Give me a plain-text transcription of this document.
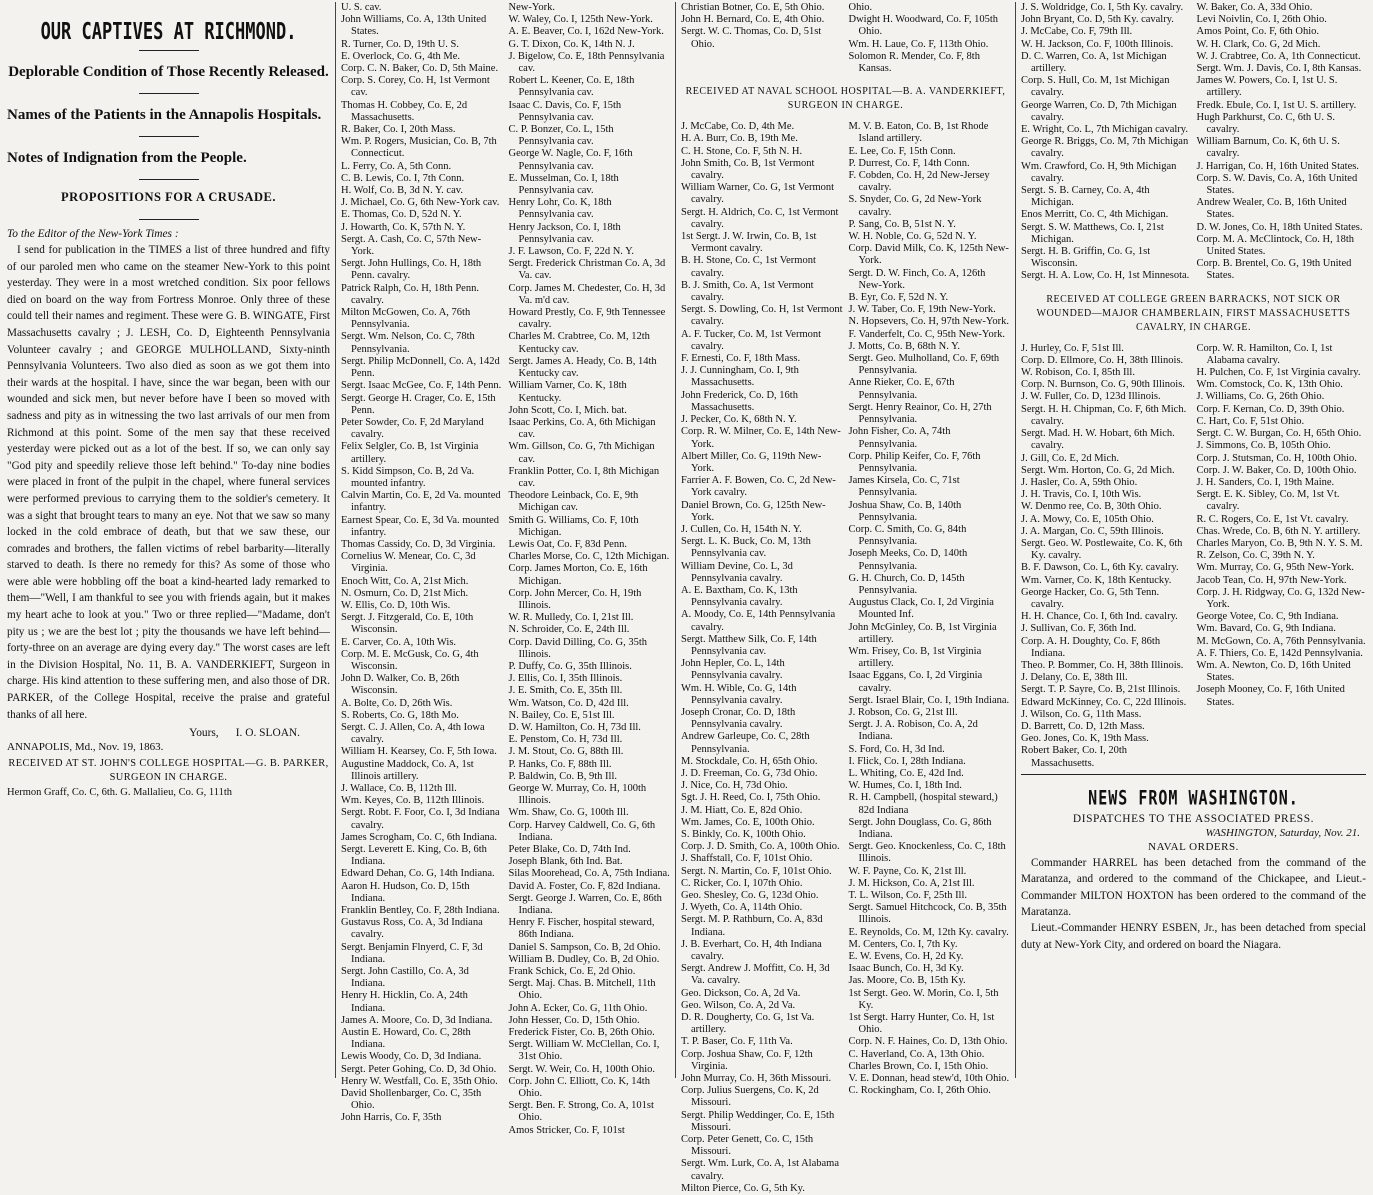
OUR CAPTIVES AT RICHMOND.
Deplorable Condition of Those Recently Released.
Names of the Patients in the Annapolis Hospitals.
Notes of Indignation from the People.
PROPOSITIONS FOR A CRUSADE.
To the Editor of the New-York Times :

I send for publication in the TIMES a list of three hundred and fifty of our paroled men who came on the steamer New-York to this point yesterday. They were in a most wretched condition. Six poor fellows died on board on the way from Fortress Monroe. Only three of these could tell their names and regiment. These were G. B. WINGATE, First Massachusetts cavalry ; J. LESH, Co. D, Eighteenth Pennsylvania Volunteer cavalry ; and GEORGE MULHOLLAND, Sixty-ninth Pennsylvania Volunteers. Two also died as soon as we got them into their wards at the hospital. I have, since the war began, been with our wounded and sick men, but never before have I been so moved with sadness and pity as in witnessing the two last arrivals of our men from Richmond at this point. Some of the men say that these received yesterday were picked out as a lot of the best. If so, we can only say "God pity and speedily relieve those left behind." To-day nine bodies were placed in front of the pulpit in the chapel, where funeral services were performed previous to carrying them to the soldier's cemetery. It was a sight that brought tears to many an eye. Not that we saw so many locked in the cold embrace of death, but that we saw these, our comrades and brothers, the fallen victims of rebel barbarity—literally starved to death. Is there no remedy for this? As some of those who were able were hobbling off the boat a kind-hearted lady remarked to them—"Well, I am thankful to see you with friends again, but it makes my heart ache to look at you." Two or three replied—"Madame, don't pity us ; we are the best lot ; pity the thousands we have left behind—forty-three on an average are dying every day." The worst cases are left in the Division Hospital, No. 11, B. A. VANDERKIEFT, Surgeon in charge. His kind attention to these suffering men, and also those of DR. PARKER, of the College Hospital, receive the praise and grateful thanks of all here.

Yours, I. O. SLOAN.
ANNAPOLIS, Md., Nov. 19, 1863.
RECEIVED AT ST. JOHN'S COLLEGE HOSPITAL—G. B. PARKER, SURGEON IN CHARGE.
Hermon Graff, Co. C, 6th. G. Mallalieu, Co. G, 111th
U. S. cav.
John Williams, Co. A, 13th United States.
R. Turner, Co. D, 19th U. S.
E. Overlock, Co. G, 4th Me.
Corp. C. N. Baker, Co. D, 5th Maine.
Corp. S. Corey, Co. H, 1st Vermont cav.
Thomas H. Cobbey, Co. E, 2d Massachusetts.
R. Baker, Co. I, 20th Mass.
Wm. P. Rogers, Musician, Co. B, 7th Connecticut.
L. Ferry, Co. A, 5th Conn.
C. B. Lewis, Co. I, 7th Conn.
H. Wolf, Co. B, 3d N. Y. cav.
J. Michael, Co. G, 6th New-York cav.
E. Thomas, Co. D, 52d N. Y.
J. Howarth, Co. K, 57th N. Y.
Sergt. A. Cash, Co. C, 57th New-York.
Sergt. John Hullings, Co. H, 18th Penn. cavalry.
Patrick Ralph, Co. H, 18th Penn. cavalry.
Milton McGowen, Co. A, 76th Pennsylvania.
Sergt. Wm. Nelson, Co. C, 78th Pennsylvania.
Sergt. Philip McDonnell, Co. A, 142d Penn.
Sergt. Isaac McGee, Co. F, 14th Penn.
Sergt. George H. Crager, Co. E, 15th Penn.
Peter Sowder, Co. F, 2d Maryland cavalry.
Felix Selgler, Co. B, 1st Virginia artillery.
S. Kidd Simpson, Co. B, 2d Va. mounted infantry.
Calvin Martin, Co. E, 2d Va. mounted infantry.
Earnest Spear, Co. E, 3d Va. mounted infantry.
Thomas Cassidy, Co. D, 3d Virginia.
Cornelius W. Menear, Co. C, 3d Virginia.
Enoch Witt, Co. A, 21st Mich.
N. Osmurn, Co. D, 21st Mich.
W. Ellis, Co. D, 10th Wis.
Sergt. J. Fitzgerald, Co. E, 10th Wisconsin.
E. Carver, Co. A, 10th Wis.
Corp. M. E. McGusk, Co. G, 4th Wisconsin.
John D. Walker, Co. B, 26th Wisconsin.
A. Bolte, Co. D, 26th Wis.
S. Roberts, Co. G, 18th Mo.
Sergt. C. J. Allen, Co. A, 4th Iowa cavalry.
William H. Kearsey, Co. F, 5th Iowa.
Augustine Maddock, Co. A, 1st Illinois artillery.
J. Wallace, Co. B, 112th Ill.
Wm. Keyes, Co. B, 112th Illinois.
Sergt. Robt. F. Foor, Co. I, 3d Indiana cavalry.
James Scrogham, Co. C, 6th Indiana.
Sergt. Leverett E. King, Co. B, 6th Indiana.
Edward Dehan, Co. G, 14th Indiana.
Aaron H. Hudson, Co. D, 15th Indiana.
Franklin Bentley, Co. F, 28th Indiana.
Gustavus Ross, Co. A, 3d Indiana cavalry.
Sergt. Benjamin Flnyerd, C. F, 3d Indiana.
Sergt. John Castillo, Co. A, 3d Indiana.
Henry H. Hicklin, Co. A, 24th Indiana.
James A. Moore, Co. D, 3d Indiana.
Austin E. Howard, Co. C, 28th Indiana.
Lewis Woody, Co. D, 3d Indiana.
Sergt. Peter Gohing, Co. D, 3d Ohio.
Henry W. Westfall, Co. E, 35th Ohio.
David Shollenbarger, Co. C, 35th Ohio.
John Harris, Co. F, 35th
New-York.
W. Waley, Co. I, 125th New-York.
A. E. Beaver, Co. I, 162d New-York.
G. T. Dixon, Co. K, 14th N. J.
J. Bigelow, Co. E, 18th Pennsylvania cav.
Robert L. Keener, Co. E, 18th Pennsylvania cav.
Isaac C. Davis, Co. F, 15th Pennsylvania cav.
C. P. Bonzer, Co. L, 15th Pennsylvania cav.
George W. Nagle, Co. F, 16th Pennsylvania cav.
E. Musselman, Co. I, 18th Pennsylvania cav.
Henry Lohr, Co. K, 18th Pennsylvania cav.
Henry Jackson, Co. I, 18th Pennsylvania cav.
J. F. Lawson, Co. F, 22d N. Y.
Sergt. Frederick Christman Co. A, 3d Va. cav.
Corp. James M. Chedester, Co. H, 3d Va. m'd cav.
Howard Prestly, Co. F, 9th Tennessee cavalry.
Charles M. Crabtree, Co. M, 12th Kentucky cav.
Sergt. James A. Heady, Co. B, 14th Kentucky cav.
William Varner, Co. K, 18th Kentucky.
John Scott, Co. I, Mich. bat.
Isaac Perkins, Co. A, 6th Michigan cav.
Wm. Gillson, Co. G, 7th Michigan cav.
Franklin Potter, Co. I, 8th Michigan cav.
Theodore Leinback, Co. E, 9th Michigan cav.
Smith G. Williams, Co. F, 10th Michigan.
Lewis Oat, Co. F, 83d Penn.
Charles Morse, Co. C, 12th Michigan.
Corp. James Morton, Co. E, 16th Michigan.
Corp. John Mercer, Co. H, 19th Illinois.
W. R. Mulledy, Co. I, 21st Ill.
N. Schroider, Co. E, 24th Ill.
Corp. David Dilling, Co. G, 35th Illinois.
P. Duffy, Co. G, 35th Illinois.
J. Ellis, Co. I, 35th Illinois.
J. E. Smith, Co. E, 35th Ill.
Wm. Watson, Co. D, 42d Ill.
N. Bailey, Co. E, 51st Ill.
D. W. Hamilton, Co. H, 73d Ill.
E. Penstom, Co. H, 73d Ill.
J. M. Stout, Co. G, 88th Ill.
P. Hanks, Co. F, 88th Ill.
P. Baldwin, Co. B, 9th Ill.
George W. Murray, Co. H, 100th Illinois.
Wm. Shaw, Co. G, 100th Ill.
Corp. Harvey Caldwell, Co. G, 6th Indiana.
Peter Blake, Co. D, 74th Ind.
Joseph Blank, 6th Ind. Bat.
Silas Moorehead, Co. A, 75th Indiana.
David A. Foster, Co. F, 82d Indiana.
Sergt. George J. Warren, Co. E, 86th Indiana.
Henry F. Fischer, hospital steward, 86th Indiana.
Daniel S. Sampson, Co. B, 2d Ohio.
William B. Dudley, Co. B, 2d Ohio.
Frank Schick, Co. E, 2d Ohio.
Sergt. Maj. Chas. B. Mitchell, 11th Ohio.
John A. Ecker, Co. G, 11th Ohio.
John Hesser, Co. D, 15th Ohio.
Frederick Fister, Co. B, 26th Ohio.
Sergt. William W. McClellan, Co. I, 31st Ohio.
Sergt. W. Weir, Co. H, 100th Ohio.
Corp. John C. Elliott, Co. K, 14th Ohio.
Sergt. Ben. F. Strong, Co. A, 101st Ohio.
Amos Stricker, Co. F, 101st
Christian Botner, Co. E, 5th Ohio.
John H. Bernard, Co. E, 4th Ohio.
Sergt. W. C. Thomas, Co. D, 51st Ohio.
Ohio.
Dwight H. Woodward, Co. F, 105th Ohio.
Wm. H. Laue, Co. F, 113th Ohio.
Solomon R. Mender, Co. F, 8th Kansas.
RECEIVED AT NAVAL SCHOOL HOSPITAL—B. A. VANDERKIEFT, SURGEON IN CHARGE.
J. McCabe, Co. D, 4th Me.
H. A. Burr, Co. B, 19th Me.
C. H. Stone, Co. F, 5th N. H.
John Smith, Co. B, 1st Vermont cavalry.
William Warner, Co. G, 1st Vermont cavalry.
Sergt. H. Aldrich, Co. C, 1st Vermont cavalry.
1st Sergt. J. W. Irwin, Co. B, 1st Vermont cavalry.
B. H. Stone, Co. C, 1st Vermont cavalry.
B. J. Smith, Co. A, 1st Vermont cavalry.
Sergt. S. Dowling, Co. H, 1st Vermont cavalry.
A. F. Tucker, Co. M, 1st Vermont cavalry.
F. Ernesti, Co. F, 18th Mass.
J. J. Cunningham, Co. I, 9th Massachusetts.
John Frederick, Co. D, 16th Massachusetts.
J. Pecker, Co. K, 68th N. Y.
Corp. R. W. Milner, Co. E, 14th New-York.
Albert Miller, Co. G, 119th New-York.
Farrier A. F. Bowen, Co. C, 2d New-York cavalry.
Daniel Brown, Co. G, 125th New-York.
J. Cullen, Co. H, 154th N. Y.
Sergt. L. K. Buck, Co. M, 13th Pennsylvania cav.
William Devine, Co. L, 3d Pennsylvania cavalry.
A. E. Baxtham, Co. K, 13th Pennsylvania cavalry.
A. Moody, Co. E, 14th Pennsylvania cavalry.
Sergt. Matthew Silk, Co. F, 14th Pennsylvania cav.
John Hepler, Co. L, 14th Pennsylvania cavalry.
Wm. H. Wible, Co. G, 14th Pennsylvania cavalry.
Joseph Cronar, Co. D, 18th Pennsylvania cavalry.
Andrew Garleupe, Co. C, 28th Pennsylvania.
M. Stockdale, Co. H, 65th Ohio.
J. D. Freeman, Co. G, 73d Ohio.
J. Nice, Co. H, 73d Ohio.
Sgt. J. H. Reed, Co. I, 75th Ohio.
J. M. Hiatt, Co. E, 82d Ohio.
Wm. James, Co. E, 100th Ohio.
S. Binkly, Co. K, 100th Ohio.
Corp. J. D. Smith, Co. A, 100th Ohio.
J. Shaffstall, Co. F, 101st Ohio.
Sergt. N. Martin, Co. F, 101st Ohio.
C. Ricker, Co. I, 107th Ohio.
Geo. Shesley, Co. G, 123d Ohio.
J. Wyeth, Co. A, 114th Ohio.
Sergt. M. P. Rathburn, Co. A, 83d Indiana.
J. B. Everhart, Co. H, 4th Indiana cavalry.
Sergt. Andrew J. Moffitt, Co. H, 3d Va. cavalry.
Geo. Dickson, Co. A, 2d Va.
Geo. Wilson, Co. A, 2d Va.
D. R. Dougherty, Co. G, 1st Va. artillery.
T. P. Baser, Co. F, 11th Va.
Corp. Joshua Shaw, Co. F, 12th Virginia.
John Murray, Co. H, 36th Missouri.
Corp. Julius Suergens, Co. K, 2d Missouri.
Sergt. Philip Weddinger, Co. E, 15th Missouri.
Corp. Peter Genett, Co. C, 15th Missouri.
Sergt. Wm. Lurk, Co. A, 1st Alabama cavalry.
Milton Pierce, Co. G, 5th Ky.
M. V. B. Eaton, Co. B, 1st Rhode Island artillery.
E. Lee, Co. F, 15th Conn.
P. Durrest, Co. F, 14th Conn.
F. Cobden, Co. H, 2d New-Jersey cavalry.
S. Snyder, Co. G, 2d New-York cavalry.
P. Sang, Co. B, 51st N. Y.
W. H. Noble, Co. G, 52d N. Y.
Corp. David Milk, Co. K, 125th New-York.
Sergt. D. W. Finch, Co. A, 126th New-York.
B. Eyr, Co. F, 52d N. Y.
J. W. Taber, Co. F, 19th New-York.
N. Hopsevers, Co. H, 97th New-York.
F. Vanderfelt, Co. C, 95th New-York.
J. Motts, Co. B, 68th N. Y.
Sergt. Geo. Mulholland, Co. F, 69th Pennsylvania.
Anne Rieker, Co. E, 67th Pennsylvania.
Sergt. Henry Reainor, Co. H, 27th Pennsylvania.
John Fisher, Co. A, 74th Pennsylvania.
Corp. Philip Keifer, Co. F, 76th Pennsylvania.
James Kirsela, Co. C, 71st Pennsylvania.
Joshua Shaw, Co. B, 140th Pennsylvania.
Corp. C. Smith, Co. G, 84th Pennsylvania.
Joseph Meeks, Co. D, 140th Pennsylvania.
G. H. Church, Co. D, 145th Pennsylvania.
Augustus Clack, Co. I, 2d Virginia Mounted Inf.
John McGinley, Co. B, 1st Virginia artillery.
Wm. Frisey, Co. B, 1st Virginia artillery.
Isaac Eggans, Co. I, 2d Virginia cavalry.
Sergt. Israel Blair, Co. I, 19th Indiana.
J. Robson, Co. G, 21st Ill.
Sergt. J. A. Robison, Co. A, 2d Indiana.
S. Ford, Co. H, 3d Ind.
I. Flick, Co. I, 28th Indiana.
L. Whiting, Co. E, 42d Ind.
W. Humes, Co. I, 18th Ind.
R. H. Campbell, (hospital steward,) 82d Indiana
Sergt. John Douglass, Co. G, 86th Indiana.
Sergt. Geo. Knockenless, Co. C, 18th Illinois.
W. F. Payne, Co. K, 21st Ill.
J. M. Hickson, Co. A, 21st Ill.
T. L. Wilson, Co. F, 25th Ill.
Sergt. Samuel Hitchcock, Co. B, 35th Illinois.
E. Reynolds, Co. M, 12th Ky. cavalry.
M. Centers, Co. I, 7th Ky.
E. W. Evens, Co. H, 2d Ky.
Isaac Bunch, Co. H, 3d Ky.
Jas. Moore, Co. B, 15th Ky.
1st Sergt. Geo. W. Morin, Co. I, 5th Ky.
1st Sergt. Harry Hunter, Co. H, 1st Ohio.
Corp. N. F. Haines, Co. D, 13th Ohio.
C. Haverland, Co. A, 13th Ohio.
Charles Brown, Co. I, 15th Ohio.
V. E. Donnan, head stew'd, 10th Ohio.
C. Rockingham, Co. I, 26th Ohio.
J. S. Woldridge, Co. I, 5th Ky. cavalry.
John Bryant, Co. D, 5th Ky. cavalry.
J. McCabe, Co. F, 79th Ill.
W. H. Jackson, Co. F, 100th Illinois.
D. C. Warren, Co. A, 1st Michigan artillery.
Corp. S. Hull, Co. M, 1st Michigan cavalry.
George Warren, Co. D, 7th Michigan cavalry.
E. Wright, Co. L, 7th Michigan cavalry.
George R. Briggs, Co. M, 7th Michigan cavalry.
Wm. Crawford, Co. H, 9th Michigan cavalry.
Sergt. S. B. Carney, Co. A, 4th Michigan.
Enos Merritt, Co. C, 4th Michigan.
Sergt. S. W. Matthews, Co. I, 21st Michigan.
Sergt. H. B. Griffin, Co. G, 1st Wisconsin.
Sergt. H. A. Low, Co. H, 1st Minnesota.
W. Baker, Co. A, 33d Ohio.
Levi Noivlin, Co. I, 26th Ohio.
Amos Point, Co. F, 6th Ohio.
W. H. Clark, Co. G, 2d Mich.
W. J. Crabtree, Co. A, 1th Connecticut.
Sergt. Wm. J. Davis, Co. I, 8th Kansas.
James W. Powers, Co. I, 1st U. S. artillery.
Fredk. Ebule, Co. I, 1st U. S. artillery.
Hugh Parkhurst, Co. C, 6th U. S. cavalry.
William Barnum, Co. K, 6th U. S. cavalry.
J. Harrigan, Co. H, 16th United States.
Corp. S. W. Davis, Co. A, 16th United States.
Andrew Wealer, Co. B, 16th United States.
D. W. Jones, Co. H, 18th United States.
Corp. M. A. McClintock, Co. H, 18th United States.
Corp. B. Brentel, Co. G, 19th United States.
RECEIVED AT COLLEGE GREEN BARRACKS, NOT SICK OR WOUNDED—MAJOR CHAMBERLAIN, FIRST MASSACHUSETTS CAVALRY, IN CHARGE.
J. Hurley, Co. F, 51st Ill.
Corp. D. Ellmore, Co. H, 38th Illinois.
W. Robison, Co. I, 85th Ill.
Corp. N. Burnson, Co. G, 90th Illinois.
J. W. Fuller, Co. D, 123d Illinois.
Sergt. H. H. Chipman, Co. F, 6th Mich. cavalry.
Sergt. Mad. H. W. Hobart, 6th Mich. cavalry.
J. Gill, Co. E, 2d Mich.
Sergt. Wm. Horton, Co. G, 2d Mich.
J. Hasler, Co. A, 59th Ohio.
J. H. Travis, Co. I, 10th Wis.
W. Denmo ree, Co. B, 30th Ohio.
J. A. Mowy, Co. E, 105th Ohio.
J. A. Margan, Co. C, 59th Illinois.
Sergt. Geo. W. Postlewaite, Co. K, 6th Ky. cavalry.
B. F. Dawson, Co. L, 6th Ky. cavalry.
Wm. Varner, Co. K, 18th Kentucky.
George Hacker, Co. G, 5th Tenn. cavalry.
H. H. Chance, Co. I, 6th Ind. cavalry.
J. Sullivan, Co. F, 36th Ind.
Corp. A. H. Doughty, Co. F, 86th Indiana.
Theo. P. Bommer, Co. H, 38th Illinois.
J. Delany, Co. E, 38th Ill.
Sergt. T. P. Sayre, Co. B, 21st Illinois.
Edward McKinney, Co. C, 22d Illinois.
J. Wilson, Co. G, 11th Mass.
D. Barrett, Co. D, 12th Mass.
Geo. Jones, Co. K, 19th Mass.
Robert Baker, Co. I, 20th Massachusetts.
Corp. W. R. Hamilton, Co. I, 1st Alabama cavalry.
H. Pulchen, Co. F, 1st Virginia cavalry.
Wm. Comstock, Co. K, 13th Ohio.
J. Williams, Co. G, 26th Ohio.
Corp. F. Kernan, Co. D, 39th Ohio.
C. Hart, Co. F, 51st Ohio.
Sergt. C. W. Burgan, Co. H, 65th Ohio.
J. Simmons, Co. B, 105th Ohio.
Corp. J. Stutsman, Co. H, 100th Ohio.
Corp. J. W. Baker, Co. D, 100th Ohio.
J. H. Sanders, Co. I, 19th Maine.
Sergt. E. K. Sibley, Co. M, 1st Vt. cavalry.
R. C. Rogers, Co. E, 1st Vt. cavalry.
Chas. Wrede, Co. B, 6th N. Y. artillery.
Charles Maryon, Co. B, 9th N. Y. S. M.
R. Zelson, Co. C, 39th N. Y.
Wm. Murray, Co. G, 95th New-York.
Jacob Tean, Co. H, 97th New-York.
Corp. J. H. Ridgway, Co. G, 132d New-York.
George Votee, Co. C, 9th Indiana.
Wm. Bavard, Co. G, 9th Indiana.
M. McGown, Co. A, 76th Pennsylvania.
A. F. Thiers, Co. E, 142d Pennsylvania.
Wm. A. Newton, Co. D, 16th United States.
Joseph Mooney, Co. F, 16th United States.
NEWS FROM WASHINGTON.
DISPATCHES TO THE ASSOCIATED PRESS.
WASHINGTON, Saturday, Nov. 21.
NAVAL ORDERS.

Commander HARREL has been detached from the command of the Maratanza, and ordered to the command of the Chickapee, and Lieut.-Commander MILTON HOXTON has been ordered to the command of the Maratanza.

Lieut.-Commander HENRY ESBEN, Jr., has been detached from special duty at New-York City, and ordered on board the Niagara.
